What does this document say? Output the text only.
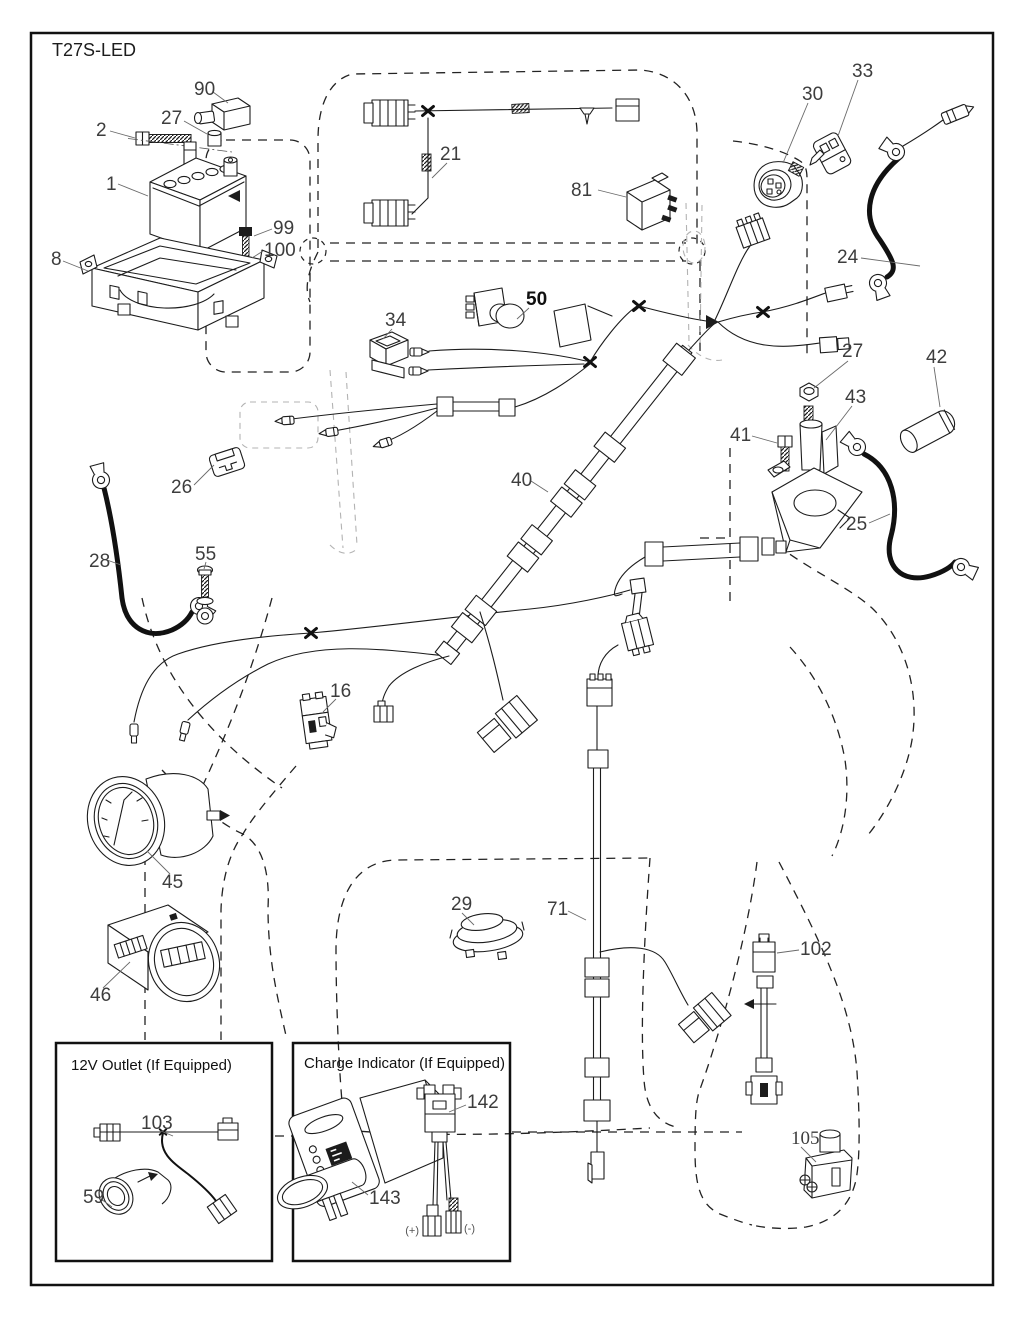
T27S-LED
12V Outlet (If Equipped)	Charge Indicator (If Equipped)
(+)	(-)
1
2
8
16
21
24
25
26
27
27
28
29
30
33
34
40
41
42
43
45
46
50
55
59
71
81
90
99
100
102
103
105
142
143
